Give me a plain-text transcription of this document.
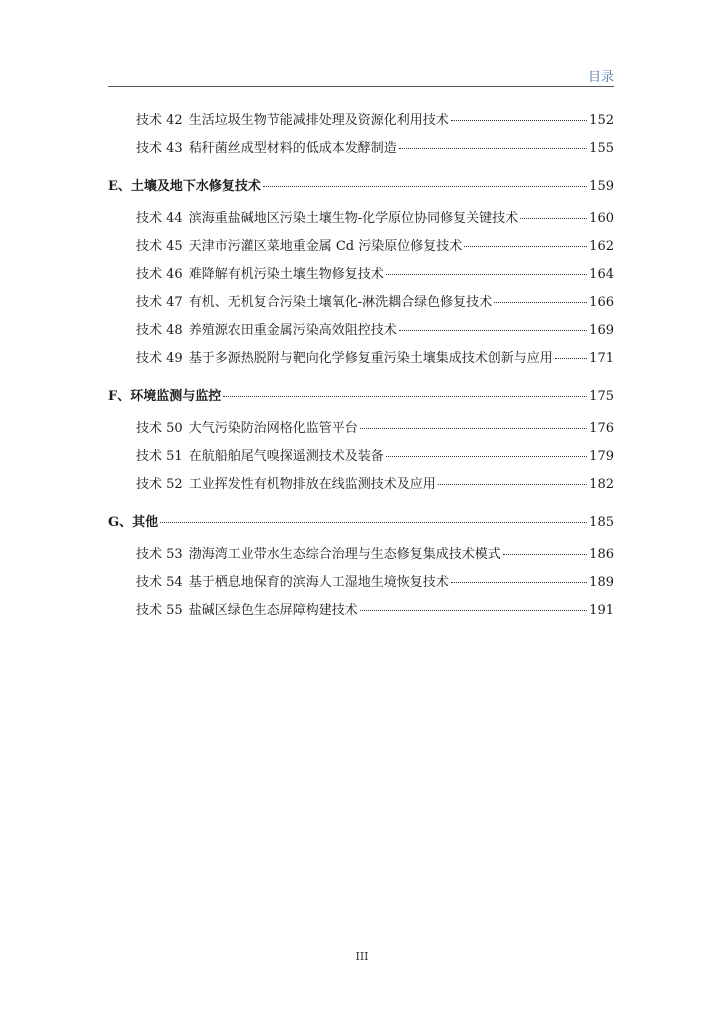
目录
技术 42 生活垃圾生物节能减排处理及资源化利用技术	152
技术 43 秸秆菌丝成型材料的低成本发酵制造	155
E、土壤及地下水修复技术	159
技术 44 滨海重盐碱地区污染土壤生物-化学原位协同修复关键技术	160
技术 45 天津市污灌区菜地重金属 Cd 污染原位修复技术	162
技术 46 难降解有机污染土壤生物修复技术	164
技术 47 有机、无机复合污染土壤氧化-淋洗耦合绿色修复技术	166
技术 48 养殖源农田重金属污染高效阻控技术	169
技术 49 基于多源热脱附与靶向化学修复重污染土壤集成技术创新与应用	171
F、环境监测与监控	175
技术 50 大气污染防治网格化监管平台	176
技术 51 在航船舶尾气嗅探遥测技术及装备	179
技术 52 工业挥发性有机物排放在线监测技术及应用	182
G、其他	185
技术 53 渤海湾工业带水生态综合治理与生态修复集成技术模式	186
技术 54 基于栖息地保育的滨海人工湿地生境恢复技术	189
技术 55 盐碱区绿色生态屏障构建技术	191
III
